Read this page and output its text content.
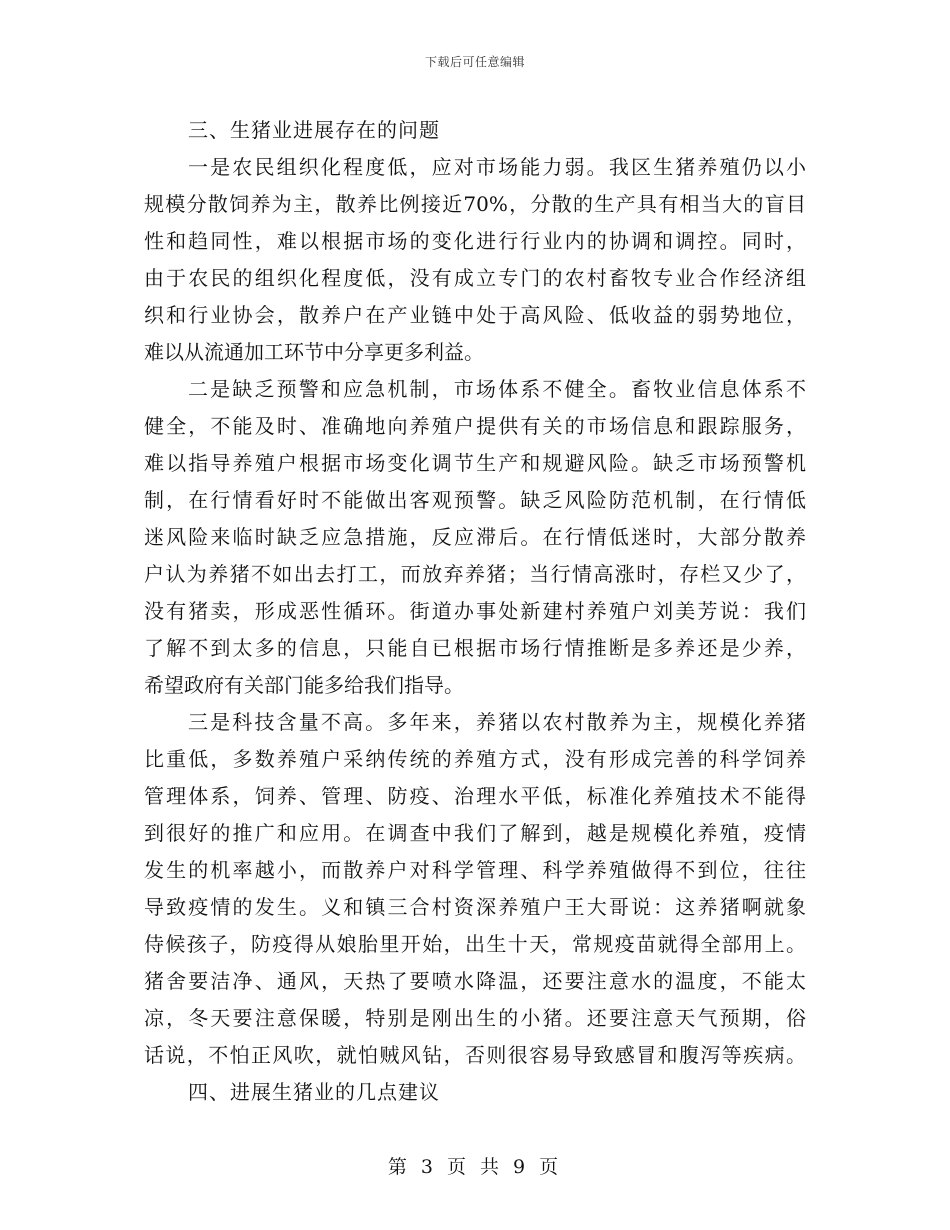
下载后可任意编辑
三、生猪业进展存在的问题
一是农民组织化程度低，应对市场能力弱。我区生猪养殖仍以小
规模分散饲养为主，散养比例接近70%，分散的生产具有相当大的盲目
性和趋同性，难以根据市场的变化进行行业内的协调和调控。同时，
由于农民的组织化程度低，没有成立专门的农村畜牧专业合作经济组
织和行业协会，散养户在产业链中处于高风险、低收益的弱势地位，
难以从流通加工环节中分享更多利益。
二是缺乏预警和应急机制，市场体系不健全。畜牧业信息体系不
健全，不能及时、准确地向养殖户提供有关的市场信息和跟踪服务，
难以指导养殖户根据市场变化调节生产和规避风险。缺乏市场预警机
制，在行情看好时不能做出客观预警。缺乏风险防范机制，在行情低
迷风险来临时缺乏应急措施，反应滞后。在行情低迷时，大部分散养
户认为养猪不如出去打工，而放弃养猪；当行情高涨时，存栏又少了，
没有猪卖，形成恶性循环。街道办事处新建村养殖户刘美芳说：我们
了解不到太多的信息，只能自已根据市场行情推断是多养还是少养，
希望政府有关部门能多给我们指导。
三是科技含量不高。多年来，养猪以农村散养为主，规模化养猪
比重低，多数养殖户采纳传统的养殖方式，没有形成完善的科学饲养
管理体系，饲养、管理、防疫、治理水平低，标准化养殖技术不能得
到很好的推广和应用。在调查中我们了解到，越是规模化养殖，疫情
发生的机率越小，而散养户对科学管理、科学养殖做得不到位，往往
导致疫情的发生。义和镇三合村资深养殖户王大哥说：这养猪啊就象
侍候孩子，防疫得从娘胎里开始，出生十天，常规疫苗就得全部用上。
猪舍要洁净、通风，天热了要喷水降温，还要注意水的温度，不能太
凉，冬天要注意保暖，特别是刚出生的小猪。还要注意天气预期，俗
话说，不怕正风吹，就怕贼风钻，否则很容易导致感冒和腹泻等疾病。
四、进展生猪业的几点建议
第 3 页 共 9 页
